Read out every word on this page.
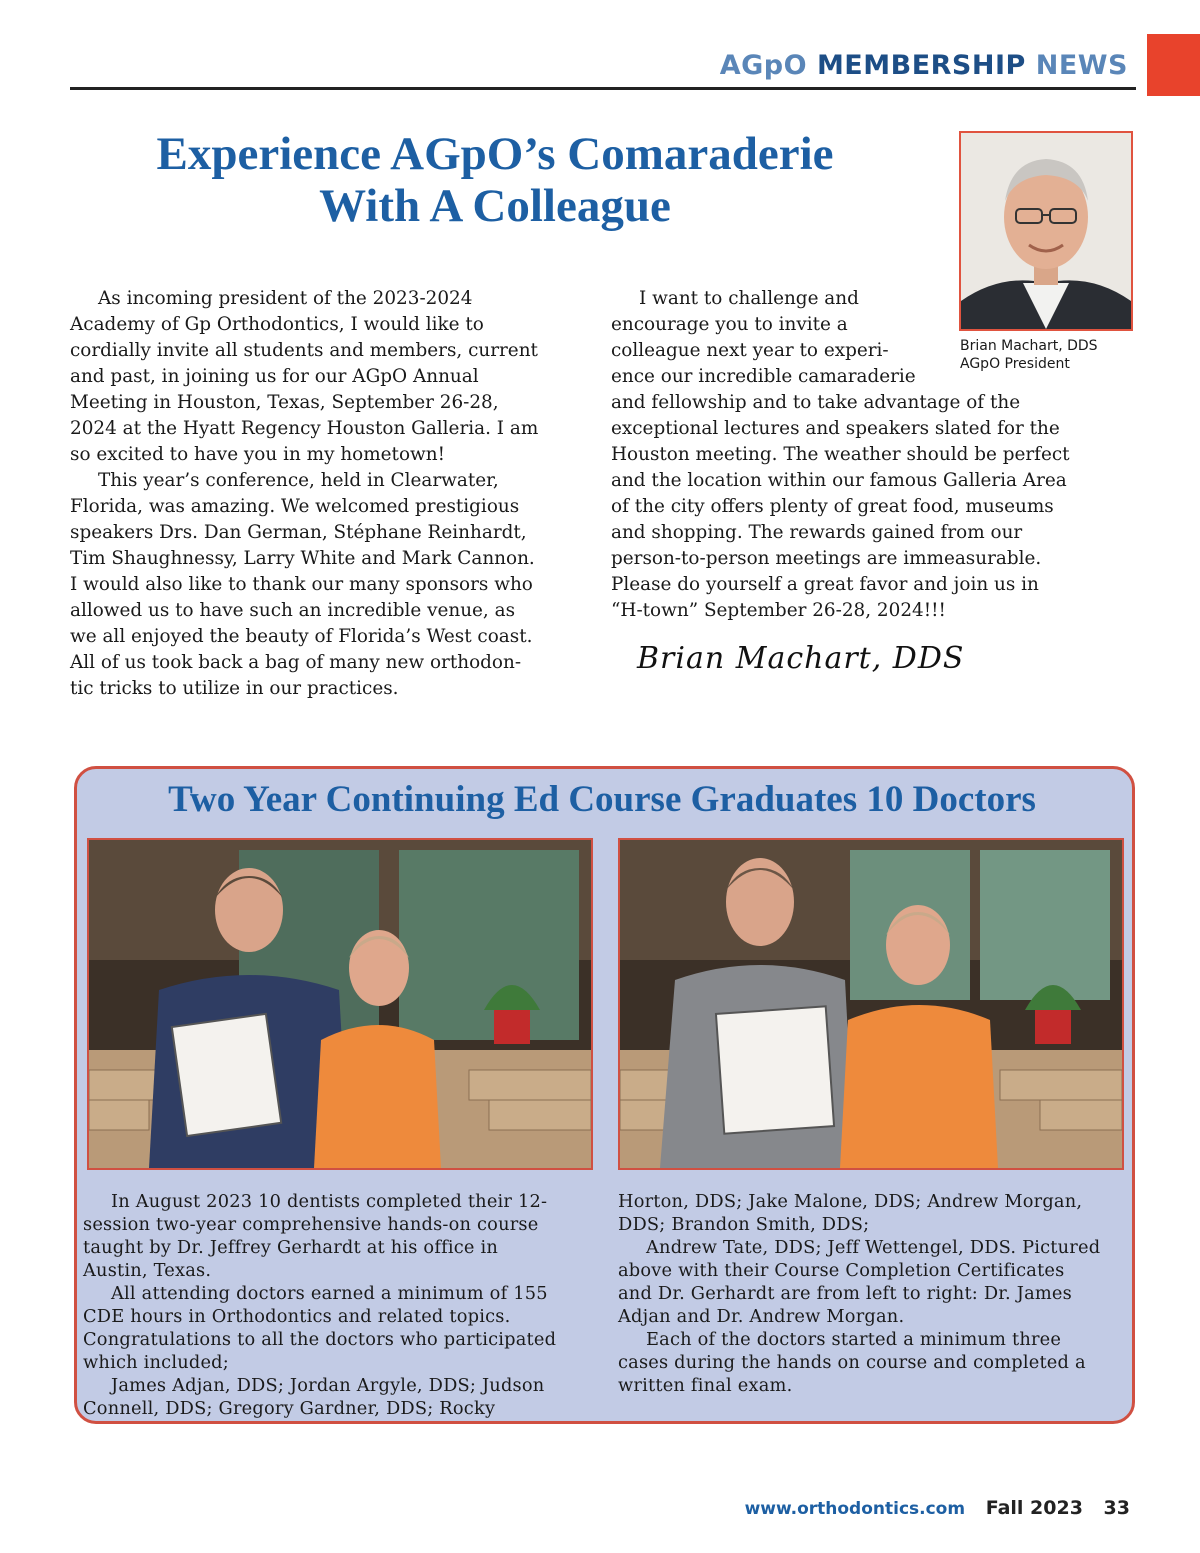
AGpO MEMBERSHIP NEWS
Experience AGpO’s Comaraderie
With A Colleague
Brian Machart, DDS
AGpO President

As incoming president of the 2023-2024

Academy of Gp Orthodontics, I would like to

cordially invite all students and members, current

and past, in joining us for our AGpO Annual

Meeting in Houston, Texas, September 26-28,

2024 at the Hyatt Regency Houston Galleria. I am

so excited to have you in my hometown!

This year’s conference, held in Clearwater,

Florida, was amazing. We welcomed prestigious

speakers Drs. Dan German, Stéphane Reinhardt,

Tim Shaughnessy, Larry White and Mark Cannon.

I would also like to thank our many sponsors who

allowed us to have such an incredible venue, as

we all enjoyed the beauty of Florida’s West coast.

All of us took back a bag of many new orthodon-

tic tricks to utilize in our practices.

I want to challenge and

encourage you to invite a

colleague next year to experi-

ence our incredible camaraderie

and fellowship and to take advantage of the

exceptional lectures and speakers slated for the

Houston meeting. The weather should be perfect

and the location within our famous Galleria Area

of the city offers plenty of great food, museums

and shopping. The rewards gained from our

person-to-person meetings are immeasurable.

Please do yourself a great favor and join us in

“H-town” September 26-28, 2024!!!

Brian Machart, DDS
Two Year Continuing Ed Course Graduates 10 Doctors

In August 2023 10 dentists completed their 12-

session two-year comprehensive hands-on course

taught by Dr. Jeffrey Gerhardt at his office in

Austin, Texas.

All attending doctors earned a minimum of 155

CDE hours in Orthodontics and related topics.

Congratulations to all the doctors who participated

which included;

James Adjan, DDS; Jordan Argyle, DDS; Judson

Connell, DDS; Gregory Gardner, DDS; Rocky

Horton, DDS; Jake Malone, DDS; Andrew Morgan,

DDS; Brandon Smith, DDS;

Andrew Tate, DDS; Jeff Wettengel, DDS. Pictured

above with their Course Completion Certificates

and Dr. Gerhardt are from left to right: Dr. James

Adjan and Dr. Andrew Morgan.

Each of the doctors started a minimum three

cases during the hands on course and completed a

written final exam.

www.orthodontics.com Fall 2023 33
